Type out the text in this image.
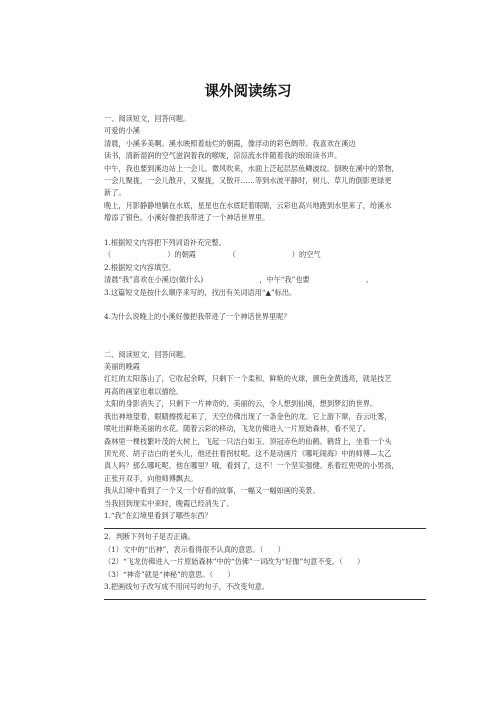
课外阅读练习
一、阅读短文，回答问题。
可爱的小溪
清晨，小溪多美啊。溪水映照着灿烂的朝霞，像浮动的彩色绸带。我喜欢在溪边
读书，清新湿润的空气滋润着我的喉咙，淙淙流水伴随着我的琅琅读书声。
中午，我也要到溪边站上一会儿。微风吹来，水面上泛起层层鱼鳞波纹。倒映在溪中的景物，
一会儿聚拢，一会儿散开，又聚拢，又散开……等到水波平静时，树儿、草儿的倒影更绿更
新了。
晚上，月影静静地躺在水底，星星也在水底眨着眼睛，云彩也高兴地跑到水里来了，给溪水
增添了银色。小溪好像把我带进了一个神话世界里。
1.根据短文内容把下列词语补充完整。
（	）的朝霞	（	）的空气
2.根据短文内容填空。
清晨“我”喜欢在小溪边(做什么)	，中午“我”也要	。
3.这篇短文是按什么顺序来写的，找出有关词语用“▲”标出。
4.为什么说晚上的小溪好像把我带进了一个神话世界里呢？
二、阅读短文，回答问题。
美丽的晚霞
红红的太阳落山了，它收起余晖，只剩下一个柔和、鲜艳的火球，颜色金黄透亮，就是技艺
再高的画家也难以描绘。
太阳的身影消失了，只剩下一片神奇的、美丽的云，令人想到仙境，想到梦幻的世界。
我出神地望着，眼睛擦拨起来了，天空仿佛出现了一条金色的龙。它上游下窜，吞云吐雾，
喷吐出鲜艳美丽的水花。随着云彩的移动，飞龙仿佛进入一片原始森林，看不见了。
森林里一棵枝繁叶茂的大树上，飞起一只洁白如玉、顶冠赤色的仙鹤。鹤背上，坐着一个头
顶光亮、胡子洁白的老头儿，他还拄着拐杖呢。这不是动画片《哪吒闹海》中的师傅—太乙
真人吗？那么哪吒呢，他在哪里？哦，看到了，这不！一个坚实强健、系着红兜兜的小男孩，
正张开双手，向他师傅飘去。
我从幻境中看到了一个又一个好看的故事，一幅又一幅如画的美景。
当我回到现实中来时，晚霞已经消失了。
1.“我”在幻境里看到了哪些东西？
2．判断下列句子是否正确。
（1）文中的“出神”，表示看得很不认真的意思。（　　）
（2）“飞龙仿佛进入一片原始森林”中的“仿佛”一词改为“好像”句意不变。（　　）
（3）“神奇”就是“神秘”的意思。（　　）
3.把画线句子改写成不用问号的句子，不改变句意。
